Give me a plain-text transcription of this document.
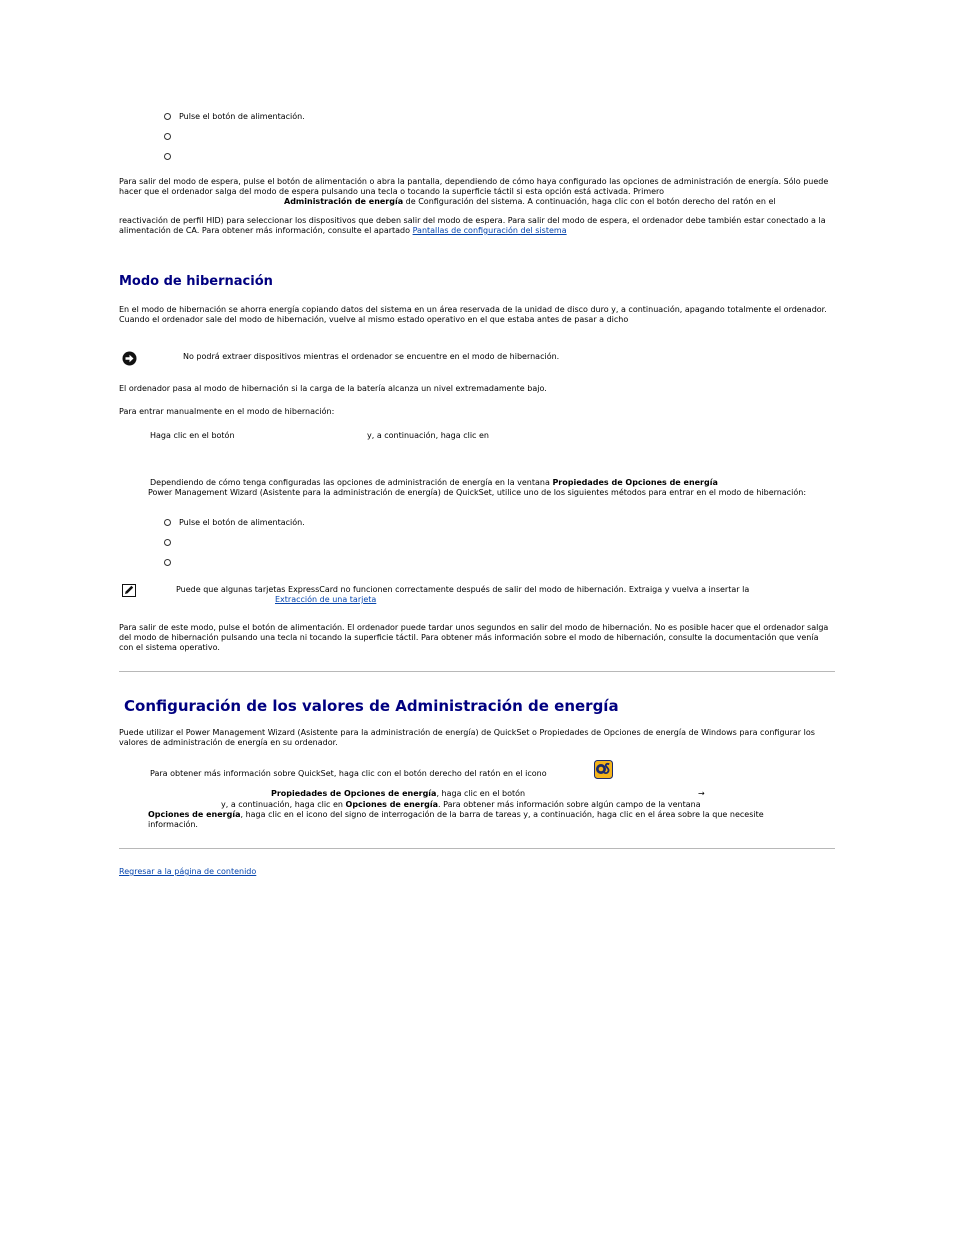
Pulse el botón de alimentación.
Para salir del modo de espera, pulse el botón de alimentación o abra la pantalla, dependiendo de cómo haya configurado las opciones de administración de energía. Sólo puede hacer que el ordenador salga del modo de espera pulsando una tecla o tocando la superficie táctil si esta opción está activada. Primero
Administración de energía de Configuración del sistema. A continuación, haga clic con el botón derecho del ratón en el
reactivación de perfil HID) para seleccionar los dispositivos que deben salir del modo de espera. Para salir del modo de espera, el ordenador debe también estar conectado a la alimentación de CA. Para obtener más información, consulte el apartado Pantallas de configuración del sistema
Modo de hibernación
En el modo de hibernación se ahorra energía copiando datos del sistema en un área reservada de la unidad de disco duro y, a continuación, apagando totalmente el ordenador. Cuando el ordenador sale del modo de hibernación, vuelve al mismo estado operativo en el que estaba antes de pasar a dicho
No podrá extraer dispositivos mientras el ordenador se encuentre en el modo de hibernación.
El ordenador pasa al modo de hibernación si la carga de la batería alcanza un nivel extremadamente bajo.
Para entrar manualmente en el modo de hibernación:
Haga clic en el botón	y, a continuación, haga clic en
Dependiendo de cómo tenga configuradas las opciones de administración de energía en la ventana Propiedades de Opciones de energía
Power Management Wizard (Asistente para la administración de energía) de QuickSet, utilice uno de los siguientes métodos para entrar en el modo de hibernación:
Pulse el botón de alimentación.
Puede que algunas tarjetas ExpressCard no funcionen correctamente después de salir del modo de hibernación. Extraiga y vuelva a insertar la
Extracción de una tarjeta
Para salir de este modo, pulse el botón de alimentación. El ordenador puede tardar unos segundos en salir del modo de hibernación. No es posible hacer que el ordenador salga del modo de hibernación pulsando una tecla ni tocando la superficie táctil. Para obtener más información sobre el modo de hibernación, consulte la documentación que venía con el sistema operativo.
Configuración de los valores de Administración de energía
Puede utilizar el Power Management Wizard (Asistente para la administración de energía) de QuickSet o Propiedades de Opciones de energía de Windows para configurar los valores de administración de energía en su ordenador.
Para obtener más información sobre QuickSet, haga clic con el botón derecho del ratón en el icono
Propiedades de Opciones de energía, haga clic en el botón	→
y, a continuación, haga clic en Opciones de energía. Para obtener más información sobre algún campo de la ventana
Opciones de energía, haga clic en el icono del signo de interrogación de la barra de tareas y, a continuación, haga clic en el área sobre la que necesite
información.
Regresar a la página de contenido
